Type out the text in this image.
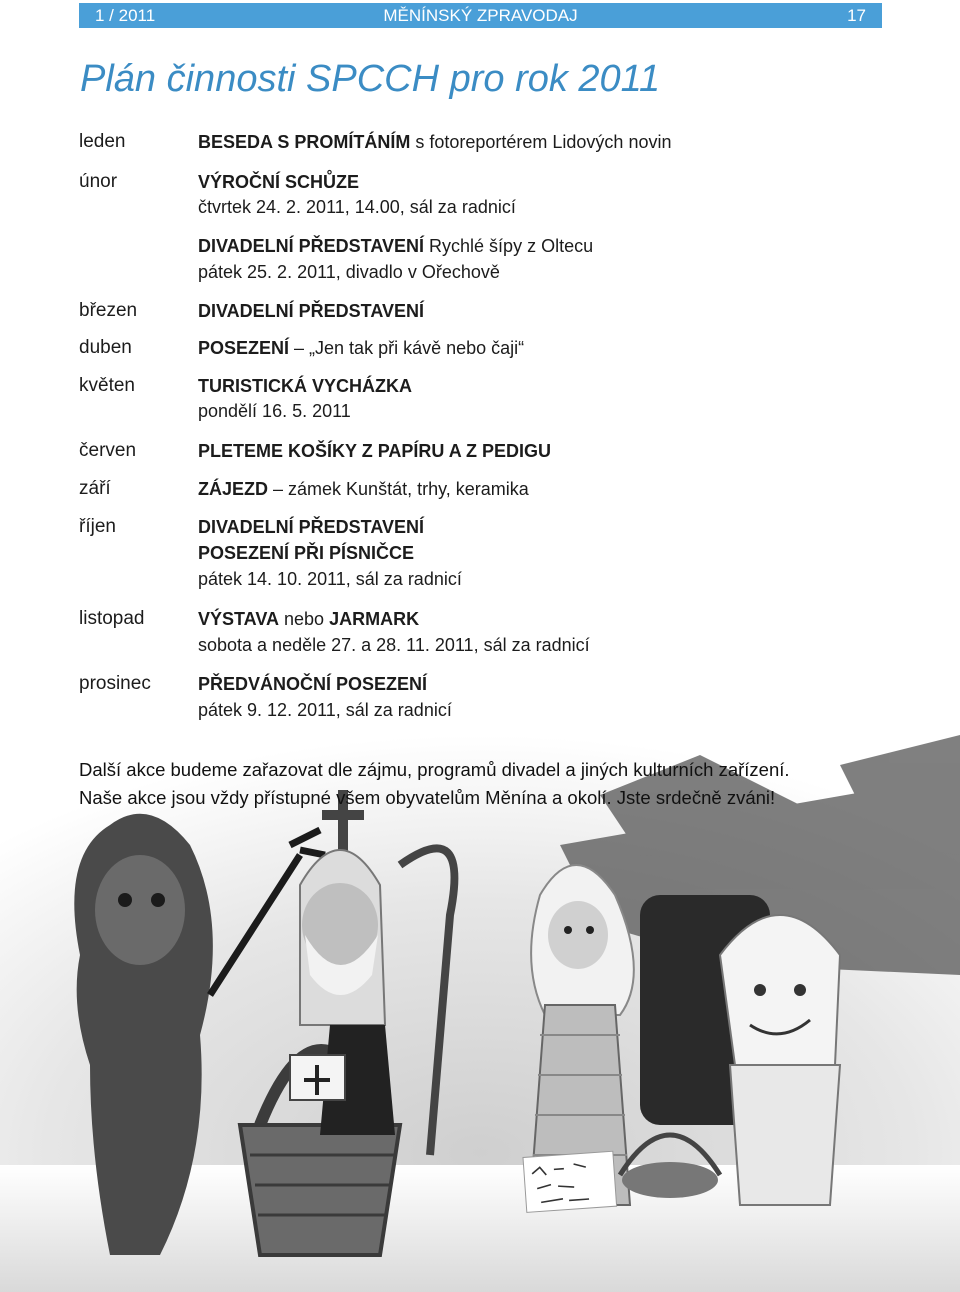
1 / 2011	MĚNÍNSKÝ ZPRAVODAJ	17
Plán činnosti SPCCH pro rok 2011
leden
únor
březen
duben
květen
červen
září
říjen
listopad
prosinec
BESEDA S PROMÍTÁNÍM s fotoreportérem Lidových novin
VÝROČNÍ SCHŮZE
čtvrtek 24. 2. 2011, 14.00, sál za radnicí
DIVADELNÍ PŘEDSTAVENÍ Rychlé šípy z Oltecu
pátek 25. 2. 2011, divadlo v Ořechově
DIVADELNÍ PŘEDSTAVENÍ
POSEZENÍ – „Jen tak při kávě nebo čaji“
TURISTICKÁ VYCHÁZKA
pondělí 16. 5. 2011
PLETEME KOŠÍKY Z PAPÍRU A Z PEDIGU
ZÁJEZD – zámek Kunštát, trhy, keramika
DIVADELNÍ PŘEDSTAVENÍ
POSEZENÍ PŘI PÍSNIČCE
pátek 14. 10. 2011, sál za radnicí
VÝSTAVA nebo JARMARK
sobota a neděle 27. a 28. 11. 2011, sál za radnicí
PŘEDVÁNOČNÍ POSEZENÍ
pátek 9. 12. 2011, sál za radnicí
Další akce budeme zařazovat dle zájmu, programů divadel a jiných kulturních zařízení.
Naše akce jsou vždy přístupné všem obyvatelům Měnína a okolí. Jste srdečně zváni!
